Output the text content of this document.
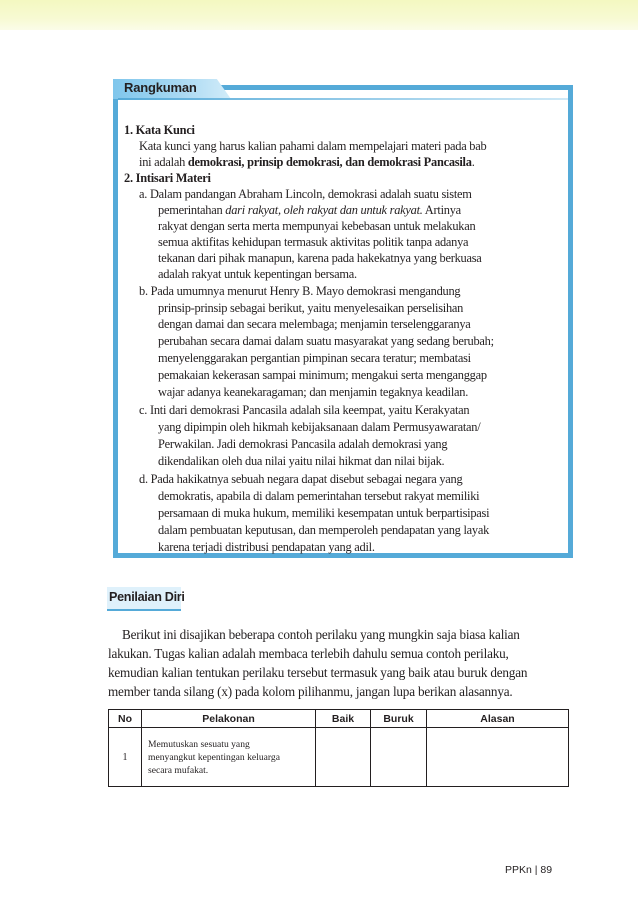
Rangkuman
1. Kata Kunci
Kata kunci yang harus kalian pahami dalam mempelajari materi pada bab
ini adalah demokrasi, prinsip demokrasi, dan demokrasi Pancasila.
2. Intisari Materi
a. Dalam pandangan Abraham Lincoln, demokrasi adalah suatu sistem
pemerintahan dari rakyat, oleh rakyat dan untuk rakyat. Artinya
rakyat dengan serta merta mempunyai kebebasan untuk melakukan
semua aktifitas kehidupan termasuk aktivitas politik tanpa adanya
tekanan dari pihak manapun, karena pada hakekatnya yang berkuasa
adalah rakyat untuk kepentingan bersama.
b. Pada umumnya menurut Henry B. Mayo demokrasi mengandung
prinsip-prinsip sebagai berikut, yaitu menyelesaikan perselisihan
dengan damai dan secara melembaga; menjamin terselenggaranya
perubahan secara damai dalam suatu masyarakat yang sedang berubah;
menyelenggarakan pergantian pimpinan secara teratur; membatasi
pemakaian kekerasan sampai minimum; mengakui serta menganggap
wajar adanya keanekaragaman; dan menjamin tegaknya keadilan.
c. Inti dari demokrasi Pancasila adalah sila keempat, yaitu Kerakyatan
yang dipimpin oleh hikmah kebijaksanaan dalam Permusyawaratan/
Perwakilan. Jadi demokrasi Pancasila adalah demokrasi yang
dikendalikan oleh dua nilai yaitu nilai hikmat dan nilai bijak.
d. Pada hakikatnya sebuah negara dapat disebut sebagai negara yang
demokratis, apabila di dalam pemerintahan tersebut rakyat memiliki
persamaan di muka hukum, memiliki kesempatan untuk berpartisipasi
dalam pembuatan keputusan, dan memperoleh pendapatan yang layak
karena terjadi distribusi pendapatan yang adil.
Penilaian Diri
Berikut ini disajikan beberapa contoh perilaku yang mungkin saja biasa kalian
lakukan. Tugas kalian adalah membaca terlebih dahulu semua contoh perilaku,
kemudian kalian tentukan perilaku tersebut termasuk yang baik atau buruk dengan
member tanda silang (x) pada kolom pilihanmu, jangan lupa berikan alasannya.
No	Pelakonan	Baik	Buruk	Alasan
1	Memutuskan sesuatu yang
menyangkut kepentingan keluarga
secara mufakat.			

PPKn | 89
